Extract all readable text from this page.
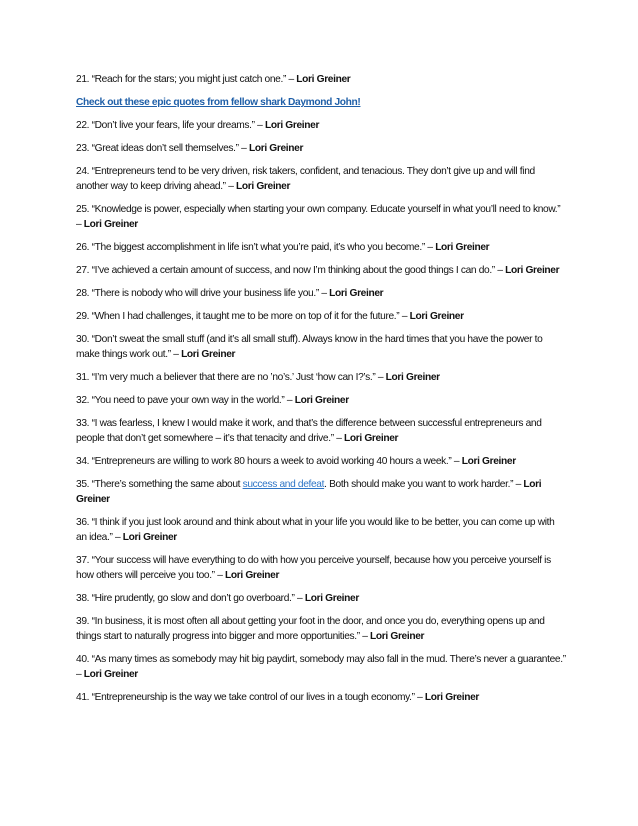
21. “Reach for the stars; you might just catch one.” – Lori Greiner

Check out these epic quotes from fellow shark Daymond John!

22. “Don’t live your fears, life your dreams.” – Lori Greiner

23. “Great ideas don’t sell themselves.” – Lori Greiner

24. “Entrepreneurs tend to be very driven, risk takers, confident, and tenacious. They don’t give up and will find another way to keep driving ahead.” – Lori Greiner

25. “Knowledge is power, especially when starting your own company. Educate yourself in what you’ll need to know.” – Lori Greiner

26. “The biggest accomplishment in life isn’t what you’re paid, it’s who you become.” – Lori Greiner

27. “I’ve achieved a certain amount of success, and now I’m thinking about the good things I can do.” – Lori Greiner

28. “There is nobody who will drive your business life you.” – Lori Greiner

29. “When I had challenges, it taught me to be more on top of it for the future.” – Lori Greiner

30. “Don’t sweat the small stuff (and it’s all small stuff). Always know in the hard times that you have the power to make things work out.” – Lori Greiner

31. “I’m very much a believer that there are no ’no’s.’ Just ‘how can I?’s.” – Lori Greiner

32. “You need to pave your own way in the world.” – Lori Greiner

33. “I was fearless, I knew I would make it work, and that’s the difference between successful entrepreneurs and people that don’t get somewhere – it’s that tenacity and drive.” – Lori Greiner

34. “Entrepreneurs are willing to work 80 hours a week to avoid working 40 hours a week.” – Lori Greiner

35. “There’s something the same about success and defeat. Both should make you want to work harder.” – Lori Greiner

36. “I think if you just look around and think about what in your life you would like to be better, you can come up with an idea.” – Lori Greiner

37. “Your success will have everything to do with how you perceive yourself, because how you perceive yourself is how others will perceive you too.” – Lori Greiner

38. “Hire prudently, go slow and don’t go overboard.” – Lori Greiner

39. “In business, it is most often all about getting your foot in the door, and once you do, everything opens up and things start to naturally progress into bigger and more opportunities.” – Lori Greiner

40. “As many times as somebody may hit big paydirt, somebody may also fall in the mud. There’s never a guarantee.” – Lori Greiner

41. “Entrepreneurship is the way we take control of our lives in a tough economy.” – Lori Greiner
